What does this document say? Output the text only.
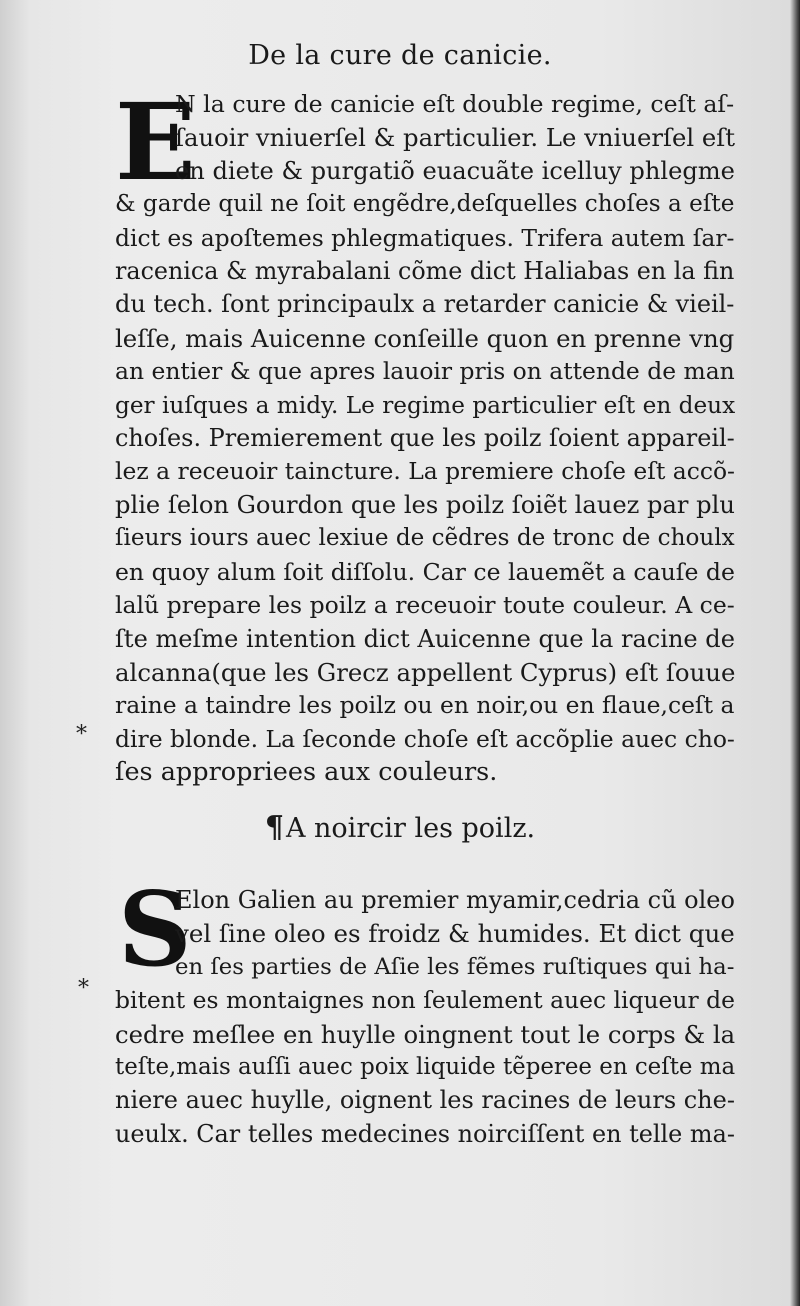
De la cure de canicie.
E
N la cure de canicie eſt double regime, ceſt aſ-
ſauoir vniuerſel & particulier. Le vniuerſel eſt
en diete & purgatiõ euacuãte icelluy phlegme
& garde quil ne ſoit engẽdre,deſquelles choſes a eſte
dict es apoſtemes phlegmatiques. Trifera autem ſar-
racenica & myrabalani cõme dict Haliabas en la fin
du tech. ſont principaulx a retarder canicie & vieil-
leſſe, mais Auicenne conſeille quon en prenne vng
an entier & que apres lauoir pris on attende de man
ger iuſques a midy. Le regime particulier eſt en deux
choſes. Premierement que les poilz ſoient appareil-
lez a receuoir taincture. La premiere choſe eſt accõ-
plie ſelon Gourdon que les poilz ſoiẽt lauez par plu
ſieurs iours auec lexiue de cẽdres de tronc de choulx
en quoy alum ſoit diſſolu. Car ce lauemẽt a cauſe de
lalũ prepare les poilz a receuoir toute couleur. A ce-
ſte meſme intention dict Auicenne que la racine de
alcanna(que les Grecz appellent Cyprus) eſt ſouue
raine a taindre les poilz ou en noir,ou en flaue,ceſt a
dire blonde. La ſeconde choſe eſt accõplie auec cho-
ſes appropriees aux couleurs.
¶A noircir les poilz.
S
Elon Galien au premier myamir,cedria cũ oleo
vel ſine oleo es froidz & humides. Et dict que
en ſes parties de Aſie les fẽmes ruſtiques qui ha-
bitent es montaignes non ſeulement auec liqueur de
cedre meſlee en huylle oingnent tout le corps & la
teſte,mais auſſi auec poix liquide tẽperee en ceſte ma
niere auec huylle, oignent les racines de leurs che-
ueulx. Car telles medecines noirciſſent en telle ma-
*
*
